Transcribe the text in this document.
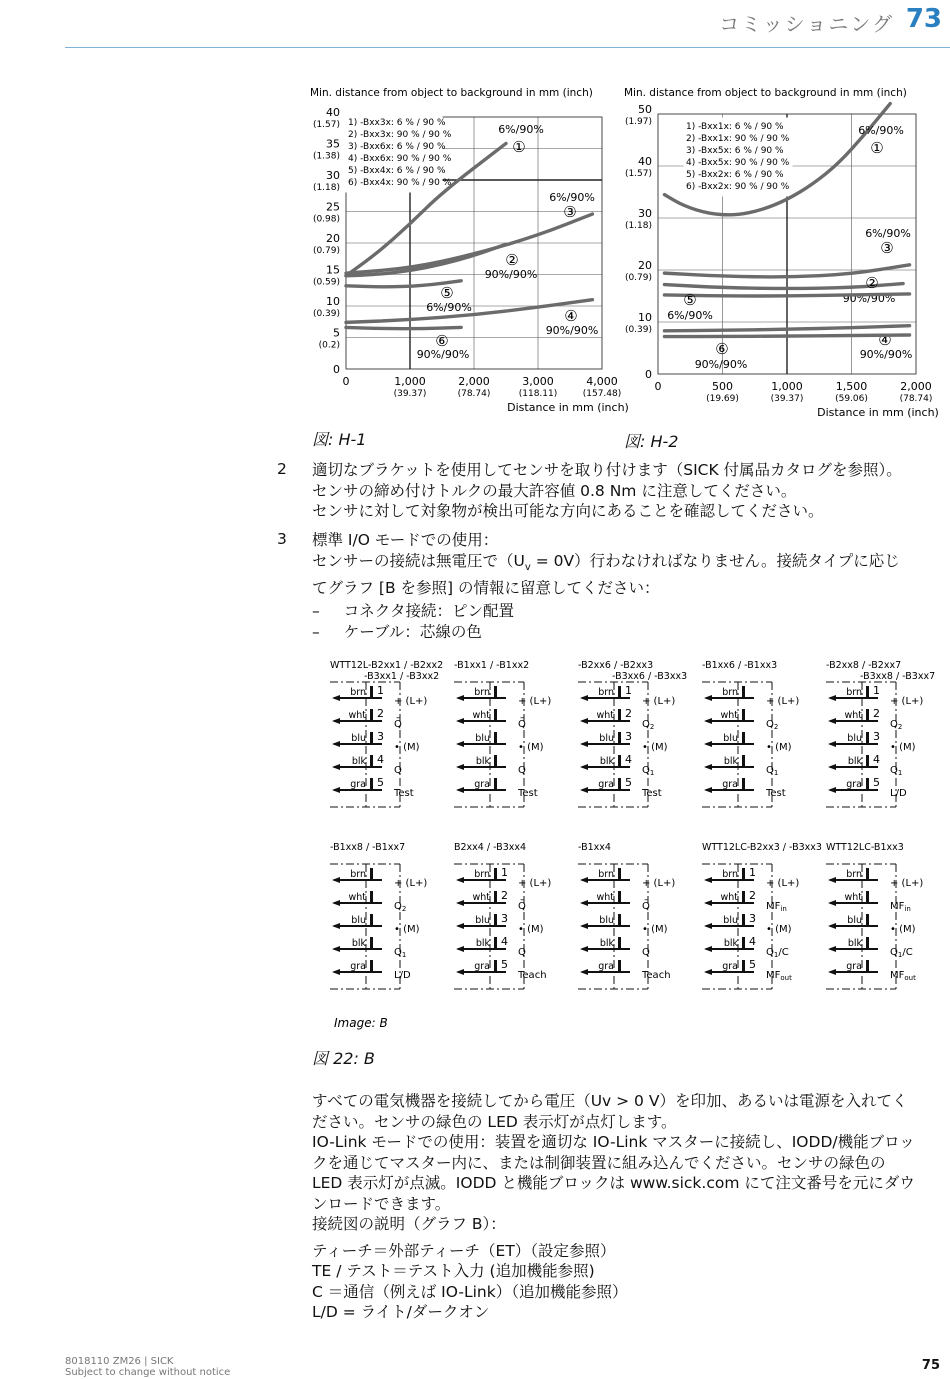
コミッショニング 73
Min. distance from object to background in mm (inch)
0	1,000
(39.37)
2,000
(78.74)
3,000
(118.11)
4,000
(157.48)
40
(1.57)
35
(1.38)
30
(1.18)
25
(0.98)
20
(0.79)
15
(0.59)
10
(0.39)
5
(0.2)
0
1) -Bxx3x: 6 % / 90 %
2) -Bxx3x: 90 % / 90 %
3) -Bxx6x: 6 % / 90 %
4) -Bxx6x: 90 % / 90 %
5) -Bxx4x: 6 % / 90 %
6) -Bxx4x: 90 % / 90 %
①
6%/90%
②
90%/90%
③
6%/90%
④
90%/90%
⑤
6%/90%
⑥
90%/90%
Distance in mm (inch)
Min. distance from object to background in mm (inch)
0	500
(19.69)
1,000
(39.37)
1,500
(59.06)
2,000
(78.74)
50
(1.97)
40
(1.57)
30
(1.18)
20
(0.79)
10
(0.39)
0
1) -Bxx1x: 6 % / 90 %
2) -Bxx1x: 90 % / 90 %
3) -Bxx5x: 6 % / 90 %
4) -Bxx5x: 90 % / 90 %
5) -Bxx2x: 6 % / 90 %
6) -Bxx2x: 90 % / 90 %
①
6%/90%
②
90%/90%
③
6%/90%
④
90%/90%
⑤
6%/90%
⑥
90%/90%
Distance in mm (inch)
図: H-1	図: H-2
2 適切なブラケットを使用してセンサを取り付けます（SICK 付属品カタログを参照）。
センサの締め付けトルクの最大許容値 0.8 Nm に注意してください。
センサに対して対象物が検出可能な方向にあることを確認してください。
3 標準 I/O モードでの使用：
センサーの接続は無電圧で$(U_v = 0V)$行わなければなりません。接続タイプに応じ
てグラフ [B を参照] の情報に留意してください：
– コネクタ接続：ピン配置
– ケーブル：芯線の色
WTT12L-B2xx1 / -B2xx2
-B3xx1 / -B3xx2
brn 1
+ (L+)
wht 2
Q̄
blu 3
• (M)
blk 4
Q
gra 5
Test
-B1xx1 / -B1xx2
brn
+ (L+)
wht
Q̄
blu
• (M)
blk
Q
gra
Test
-B2xx6 / -B2xx3
-B3xx6 / -B3xx3
brn 1
+ (L+)
wht 2
$Q_2$
blu 3
• (M)
blk 4
$Q_1$
gra 5
Test
-B1xx6 / -B1xx3
brn
+ (L+)
wht
$Q_2$
blu
• (M)
blk
$Q_1$
gra
Test
-B2xx8 / -B2xx7
-B3xx8 / -B3xx7
brn 1
+ (L+)
wht 2
$Q_2$
blu 3
• (M)
blk 4
$Q_1$
gra 5
L/D
-B1xx8 / -B1xx7
brn
+ (L+)
wht
$Q_2$
blu
• (M)
blk
$Q_1$
gra
L/D
B2xx4 / -B3xx4
brn 1
+ (L+)
wht 2
Q̄
blu 3
• (M)
blk 4
Q
gra 5
Teach
-B1xx4
brn
+ (L+)
wht
Q̄
blu
• (M)
blk
Q
gra
Teach
WTT12LC-B2xx3 / -B3xx3
brn 1
+ (L+)
wht 2
$MF_{in}$
blu 3
• (M)
blk 4
$Q_1/C$
gra 5
$MF_{out}$
WTT12LC-B1xx3
brn
+ (L+)
wht
$MF_{in}$
blu
• (M)
blk
$Q_1/C$
gra
$MF_{out}$
Image: B
図 22: B
すべての電気機器を接続してから電圧（Uv > 0 V）を印加、あるいは電源を入れてく
ださい。センサの緑色の LED 表示灯が点灯します。
IO-Link モードでの使用：装置を適切な IO-Link マスターに接続し、IODD/機能ブロッ
クを通じてマスター内に、または制御装置に組み込んでください。センサの緑色の
LED 表示灯が点滅。IODD と機能ブロックは www.sick.com にて注文番号を元にダウ
ンロードできます。
接続図の説明（グラフ B）：
ティーチ＝外部ティーチ（ET）（設定参照）
TE / テスト＝テスト入力 (追加機能参照)
C ＝通信（例えば IO-Link）（追加機能参照）
L/D = ライト/ダークオン
8018110 ZM26 | SICK
Subject to change without notice	75
